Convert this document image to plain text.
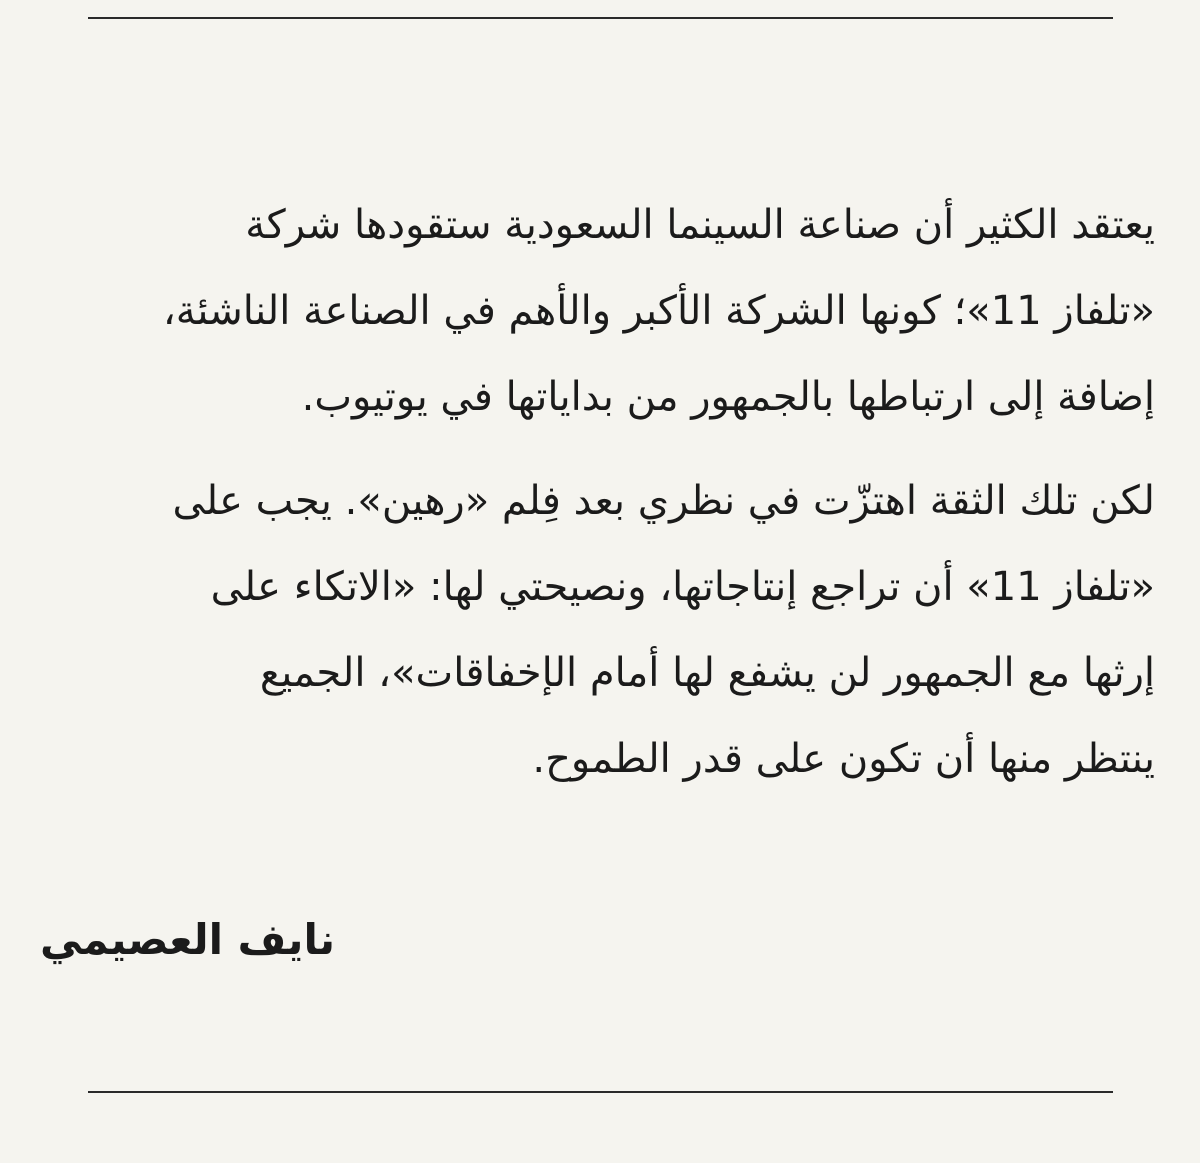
يعتقد الكثير أن صناعة السينما السعودية ستقودها شركة
«تلفاز 11»؛ كونها الشركة الأكبر والأهم في الصناعة الناشئة،
إضافة إلى ارتباطها بالجمهور من بداياتها في يوتيوب.

لكن تلك الثقة اهتزّت في نظري بعد فِلم «رهين». يجب على
«تلفاز 11» أن تراجع إنتاجاتها، ونصيحتي لها: «الاتكاء على
إرثها مع الجمهور لن يشفع لها أمام الإخفاقات»، الجميع
ينتظر منها أن تكون على قدر الطموح.

نايف العصيمي
